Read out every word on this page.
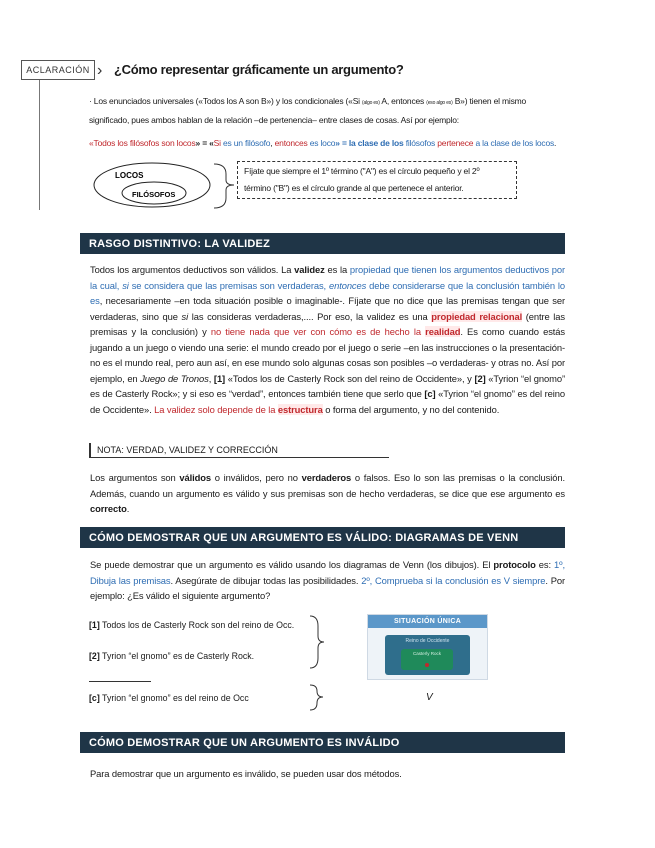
ACLARACIÓN › ¿Cómo representar gráficamente un argumento?
· Los enunciados universales («Todos los A son B») y los condicionales («Si (algo es) A, entonces (eso algo es) B») tienen el mismo
significado, pues ambos hablan de la relación –de pertenencia– entre clases de cosas. Así por ejemplo:
«Todos los filósofos son locos» = «Si es un filósofo, entonces es loco» = la clase de los filósofos pertenece a la clase de los locos.
LOCOS
FILÓSOFOS
Fíjate que siempre el 1º término ("A") es el círculo pequeño y el 2º
término ("B") es el círculo grande al que pertenece el anterior.
RASGO DISTINTIVO: LA VALIDEZ
Todos los argumentos deductivos son válidos. La validez es la propiedad que tienen los argumentos deductivos por la cual, si se considera que las premisas son verdaderas, entonces debe considerarse que la conclusión también lo es, necesariamente –en toda situación posible o imaginable-. Fíjate que no dice que las premisas tengan que ser verdaderas, sino que si las consideras verdaderas,.... Por eso, la validez es una propiedad relacional (entre las premisas y la conclusión) y no tiene nada que ver con cómo es de hecho la realidad. Es como cuando estás jugando a un juego o viendo una serie: el mundo creado por el juego o serie –en las instrucciones o la presentación- no es el mundo real, pero aun así, en ese mundo solo algunas cosas son posibles –o verdaderas- y otras no. Así por ejemplo, en Juego de Tronos, [1] «Todos los de Casterly Rock son del reino de Occidente», y [2] «Tyrion “el gnomo” es de Casterly Rock»; y si eso es “verdad”, entonces también tiene que serlo que [c] «Tyrion “el gnomo” es del reino de Occidente». La validez solo depende de la estructura o forma del argumento, y no del contenido.
NOTA: VERDAD, VALIDEZ Y CORRECCIÓN
Los argumentos son válidos o inválidos, pero no verdaderos o falsos. Eso lo son las premisas o la conclusión. Además, cuando un argumento es válido y sus premisas son de hecho verdaderas, se dice que ese argumento es correcto.
CÓMO DEMOSTRAR QUE UN ARGUMENTO ES VÁLIDO: DIAGRAMAS DE VENN
Se puede demostrar que un argumento es válido usando los diagramas de Venn (los dibujos). El protocolo es: 1º, Dibuja las premisas. Asegúrate de dibujar todas las posibilidades. 2º, Comprueba si la conclusión es V siempre. Por ejemplo: ¿Es válido el siguiente argumento?
[1] Todos los de Casterly Rock son del reino de Occ.
[2] Tyrion “el gnomo” es de Casterly Rock.
[c] Tyrion “el gnomo” es del reino de Occ	V
SITUACIÓN ÚNICA
Reino de Occidente
Casterly Rock
CÓMO DEMOSTRAR QUE UN ARGUMENTO ES INVÁLIDO
Para demostrar que un argumento es inválido, se pueden usar dos métodos.
